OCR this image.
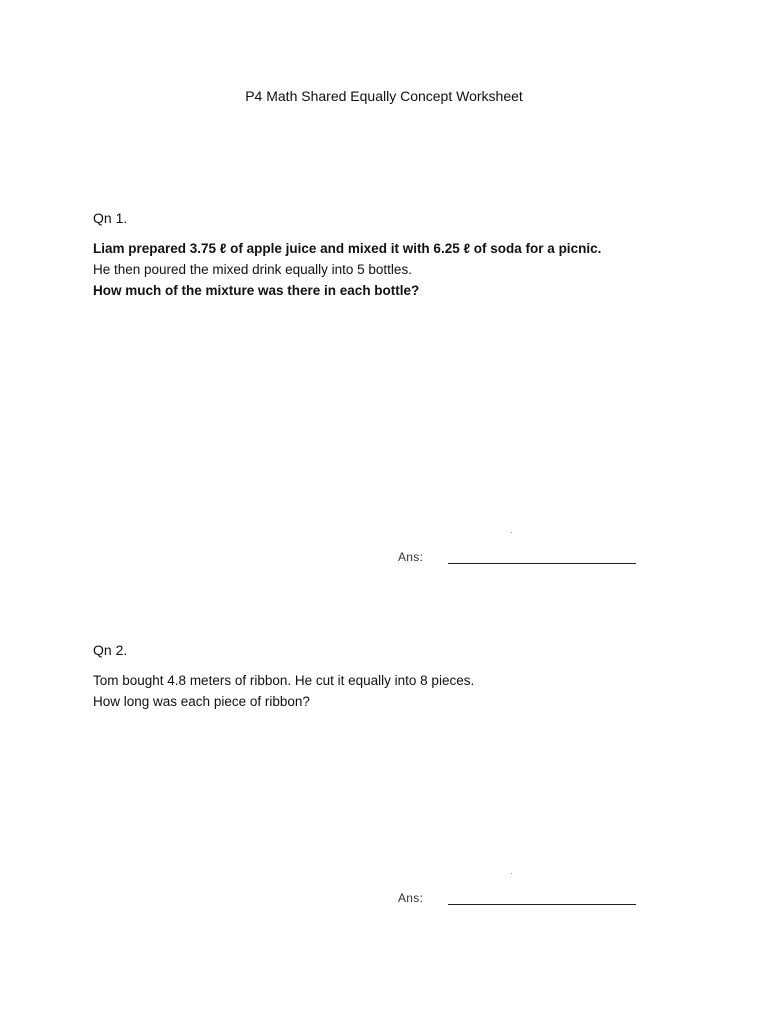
P4 Math Shared Equally Concept Worksheet
Qn 1.
Liam prepared 3.75 ℓ of apple juice and mixed it with 6.25 ℓ of soda for a picnic.
He then poured the mixed drink equally into 5 bottles.
How much of the mixture was there in each bottle?
Ans:
Qn 2.
Tom bought 4.8 meters of ribbon. He cut it equally into 8 pieces.
How long was each piece of ribbon?
Ans:
